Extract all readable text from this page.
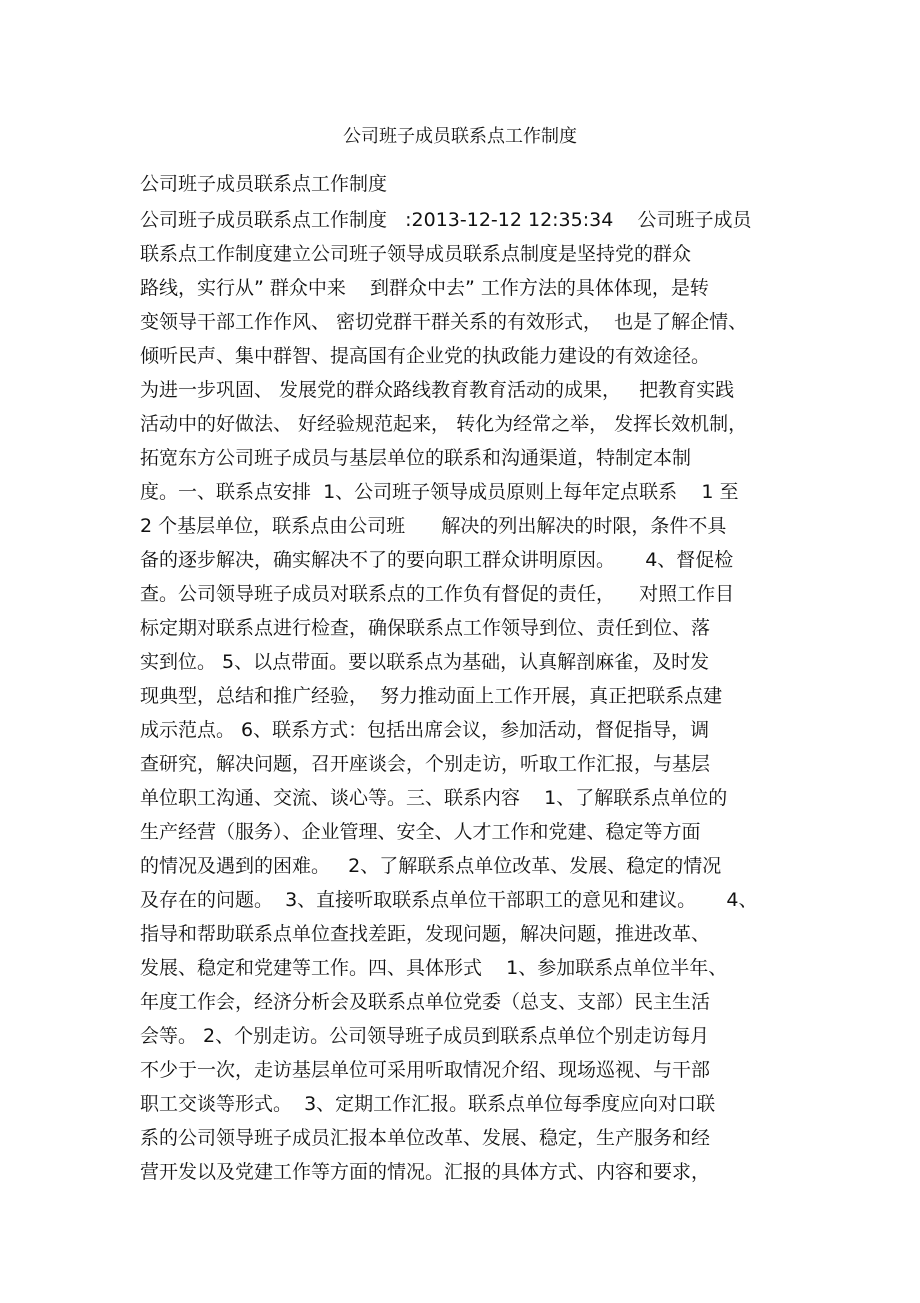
公司班子成员联系点工作制度
公司班子成员联系点工作制度
公司班子成员联系点工作制度   :2013-12-12 12:35:34    公司班子成员
联系点工作制度建立公司班子领导成员联系点制度是坚持党的群众
路线，实行从” 群众中来    到群众中去” 工作方法的具体体现，是转
变领导干部工作作风、 密切党群干群关系的有效形式，  也是了解企情、
倾听民声、集中群智、提高国有企业党的执政能力建设的有效途径。
为进一步巩固、 发展党的群众路线教育教育活动的成果，   把教育实践
活动中的好做法、 好经验规范起来， 转化为经常之举， 发挥长效机制，
拓宽东方公司班子成员与基层单位的联系和沟通渠道，特制定本制
度。一、联系点安排  1、公司班子领导成员原则上每年定点联系    1 至
2 个基层单位，联系点由公司班      解决的列出解决的时限，条件不具
备的逐步解决，确实解决不了的要向职工群众讲明原因。     4、督促检
查。公司领导班子成员对联系点的工作负有督促的责任，    对照工作目
标定期对联系点进行检查，确保联系点工作领导到位、责任到位、落
实到位。 5、以点带面。要以联系点为基础，认真解剖麻雀，及时发
现典型，总结和推广经验，  努力推动面上工作开展，真正把联系点建
成示范点。 6、联系方式：包括出席会议，参加活动，督促指导，调
查研究，解决问题，召开座谈会，个别走访，听取工作汇报，与基层
单位职工沟通、交流、谈心等。三、联系内容    1、了解联系点单位的
生产经营（服务）、企业管理、安全、人才工作和党建、稳定等方面
的情况及遇到的困难。   2、了解联系点单位改革、发展、稳定的情况
及存在的问题。  3、直接听取联系点单位干部职工的意见和建议。     4、
指导和帮助联系点单位查找差距，发现问题，解决问题，推进改革、
发展、稳定和党建等工作。四、具体形式    1、参加联系点单位半年、
年度工作会，经济分析会及联系点单位党委（总支、支部）民主生活
会等。 2、个别走访。公司领导班子成员到联系点单位个别走访每月
不少于一次，走访基层单位可采用听取情况介绍、现场巡视、与干部
职工交谈等形式。  3、定期工作汇报。联系点单位每季度应向对口联
系的公司领导班子成员汇报本单位改革、发展、稳定，生产服务和经
营开发以及党建工作等方面的情况。汇报的具体方式、内容和要求，
